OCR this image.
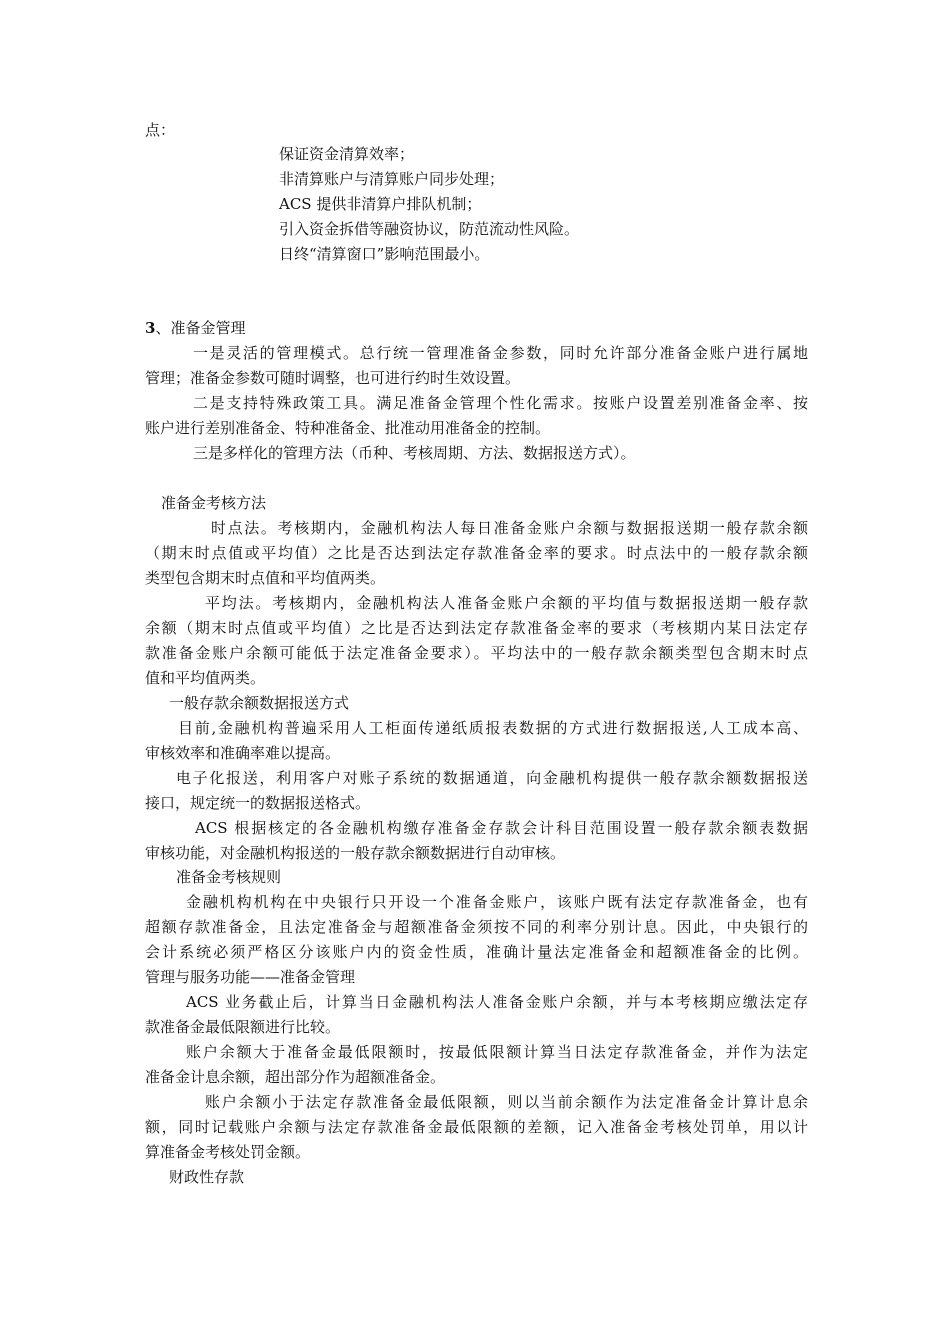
点：
保证资金清算效率；
非清算账户与清算账户同步处理；
ACS 提供非清算户排队机制；
引入资金拆借等融资协议，防范流动性风险。
日终“清算窗口”影响范围最小。
3、准备金管理
一是灵活的管理模式。总行统一管理准备金参数，同时允许部分准备金账户进行属地
管理；准备金参数可随时调整，也可进行约时生效设置。
二是支持特殊政策工具。满足准备金管理个性化需求。按账户设置差别准备金率、按
账户进行差别准备金、特种准备金、批准动用准备金的控制。
三是多样化的管理方法（币种、考核周期、方法、数据报送方式）。
准备金考核方法
时点法。考核期内，金融机构法人每日准备金账户余额与数据报送期一般存款余额
（期末时点值或平均值）之比是否达到法定存款准备金率的要求。时点法中的一般存款余额
类型包含期末时点值和平均值两类。
平均法。考核期内，金融机构法人准备金账户余额的平均值与数据报送期一般存款
余额（期末时点值或平均值）之比是否达到法定存款准备金率的要求（考核期内某日法定存
款准备金账户余额可能低于法定准备金要求）。平均法中的一般存款余额类型包含期末时点
值和平均值两类。
一般存款余额数据报送方式
目前,金融机构普遍采用人工柜面传递纸质报表数据的方式进行数据报送,人工成本高、
审核效率和准确率难以提高。
电子化报送，利用客户对账子系统的数据通道，向金融机构提供一般存款余额数据报送
接口，规定统一的数据报送格式。
ACS 根据核定的各金融机构缴存准备金存款会计科目范围设置一般存款余额表数据
审核功能，对金融机构报送的一般存款余额数据进行自动审核。
准备金考核规则
金融机构机构在中央银行只开设一个准备金账户，该账户既有法定存款准备金，也有
超额存款准备金，且法定准备金与超额准备金须按不同的利率分别计息。因此，中央银行的
会计系统必须严格区分该账户内的资金性质，准确计量法定准备金和超额准备金的比例。
管理与服务功能——准备金管理
ACS 业务截止后，计算当日金融机构法人准备金账户余额，并与本考核期应缴法定存
款准备金最低限额进行比较。
账户余额大于准备金最低限额时，按最低限额计算当日法定存款准备金，并作为法定
准备金计息余额，超出部分作为超额准备金。
账户余额小于法定存款准备金最低限额，则以当前余额作为法定准备金计算计息余
额，同时记载账户余额与法定存款准备金最低限额的差额，记入准备金考核处罚单，用以计
算准备金考核处罚金额。
财政性存款
